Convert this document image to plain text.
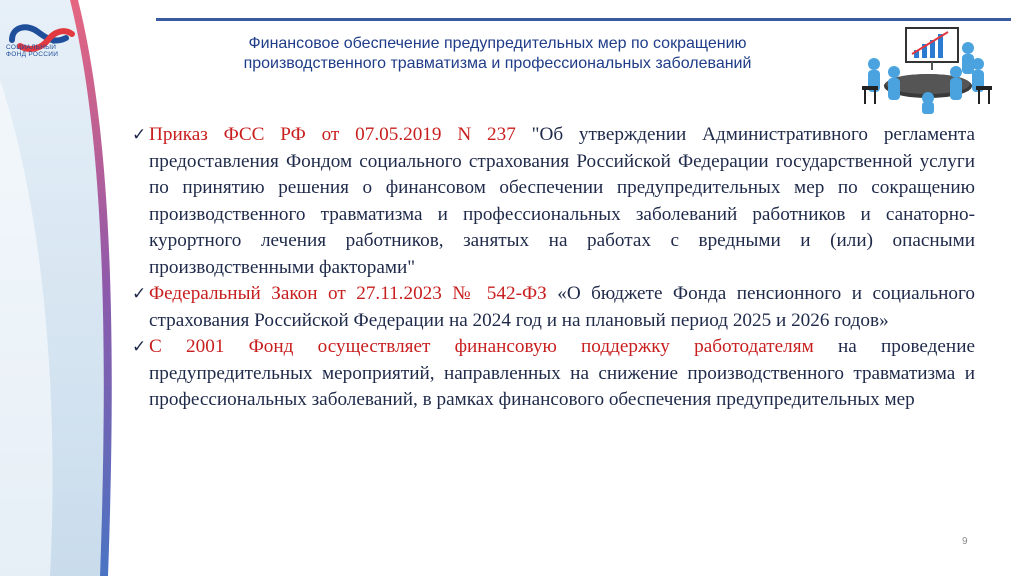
СОЦИАЛЬНЫЙ
ФОНД РОССИИ
Финансовое обеспечение предупредительных мер по сокращению
производственного травматизма и профессиональных заболеваний
✓ Приказ ФСС РФ от 07.05.2019 N 237 "Об утверждении Административного регламента предоставления Фондом социального страхования Российской Федерации государственной услуги по принятию решения о финансовом обеспечении предупредительных мер по сокращению производственного травматизма и профессиональных заболеваний работников и санаторно-курортного лечения работников, занятых на работах с вредными и (или) опасными производственными факторами"
✓ Федеральный Закон от 27.11.2023 № 542-ФЗ «О бюджете Фонда пенсионного и социального страхования Российской Федерации на 2024 год и на плановый период 2025 и 2026 годов»
✓ С 2001 Фонд осуществляет финансовую поддержку работодателям на проведение предупредительных мероприятий, направленных на снижение производственного травматизма и профессиональных заболеваний, в рамках финансового обеспечения предупредительных мер
9
